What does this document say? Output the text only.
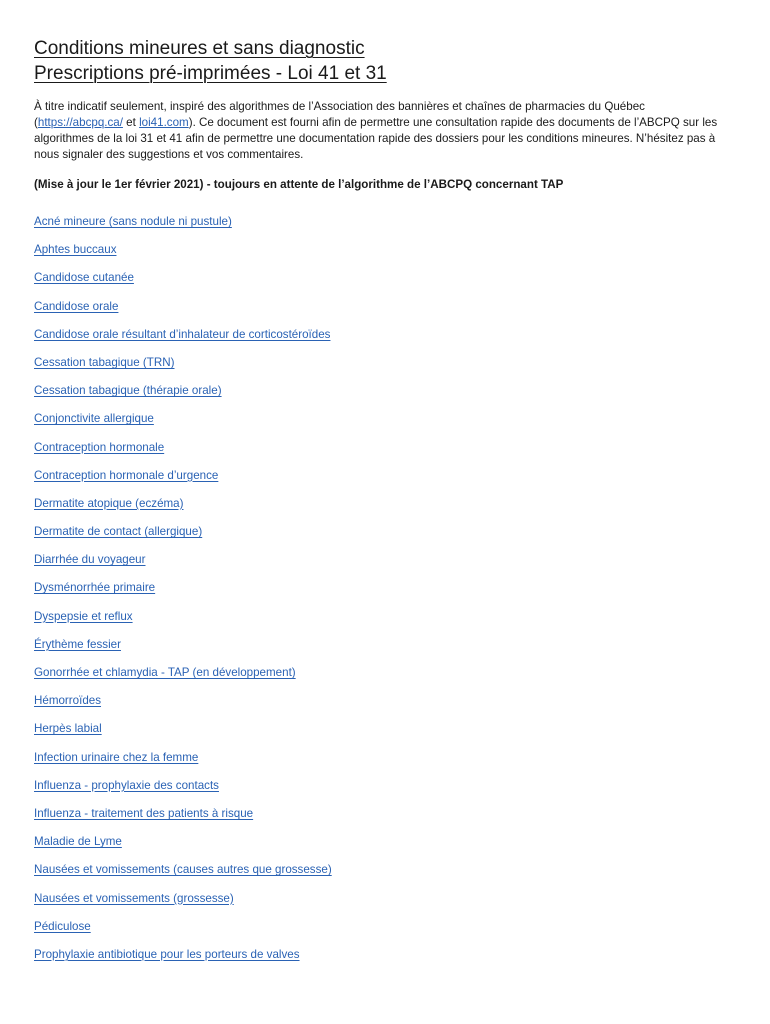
Conditions mineures et sans diagnostic
Prescriptions pré-imprimées - Loi 41 et 31

À titre indicatif seulement, inspiré des algorithmes de l’Association des bannières et chaînes de pharmacies du Québec (https://abcpq.ca/ et loi41.com). Ce document est fourni afin de permettre une consultation rapide des documents de l’ABCPQ sur les algorithmes de la loi 31 et 41 afin de permettre une documentation rapide des dossiers pour les conditions mineures. N’hésitez pas à nous signaler des suggestions et vos commentaires.

(Mise à jour le 1er février 2021) - toujours en attente de l’algorithme de l’ABCPQ concernant TAP

Acné mineure (sans nodule ni pustule)
Aphtes buccaux
Candidose cutanée
Candidose orale
Candidose orale résultant d’inhalateur de corticostéroïdes
Cessation tabagique (TRN)
Cessation tabagique (thérapie orale)
Conjonctivite allergique
Contraception hormonale
Contraception hormonale d’urgence
Dermatite atopique (eczéma)
Dermatite de contact (allergique)
Diarrhée du voyageur
Dysménorrhée primaire
Dyspepsie et reflux
Érythème fessier
Gonorrhée et chlamydia - TAP (en développement)
Hémorroïdes
Herpès labial
Infection urinaire chez la femme
Influenza - prophylaxie des contacts
Influenza - traitement des patients à risque
Maladie de Lyme
Nausées et vomissements (causes autres que grossesse)
Nausées et vomissements (grossesse)
Pédiculose
Prophylaxie antibiotique pour les porteurs de valves
